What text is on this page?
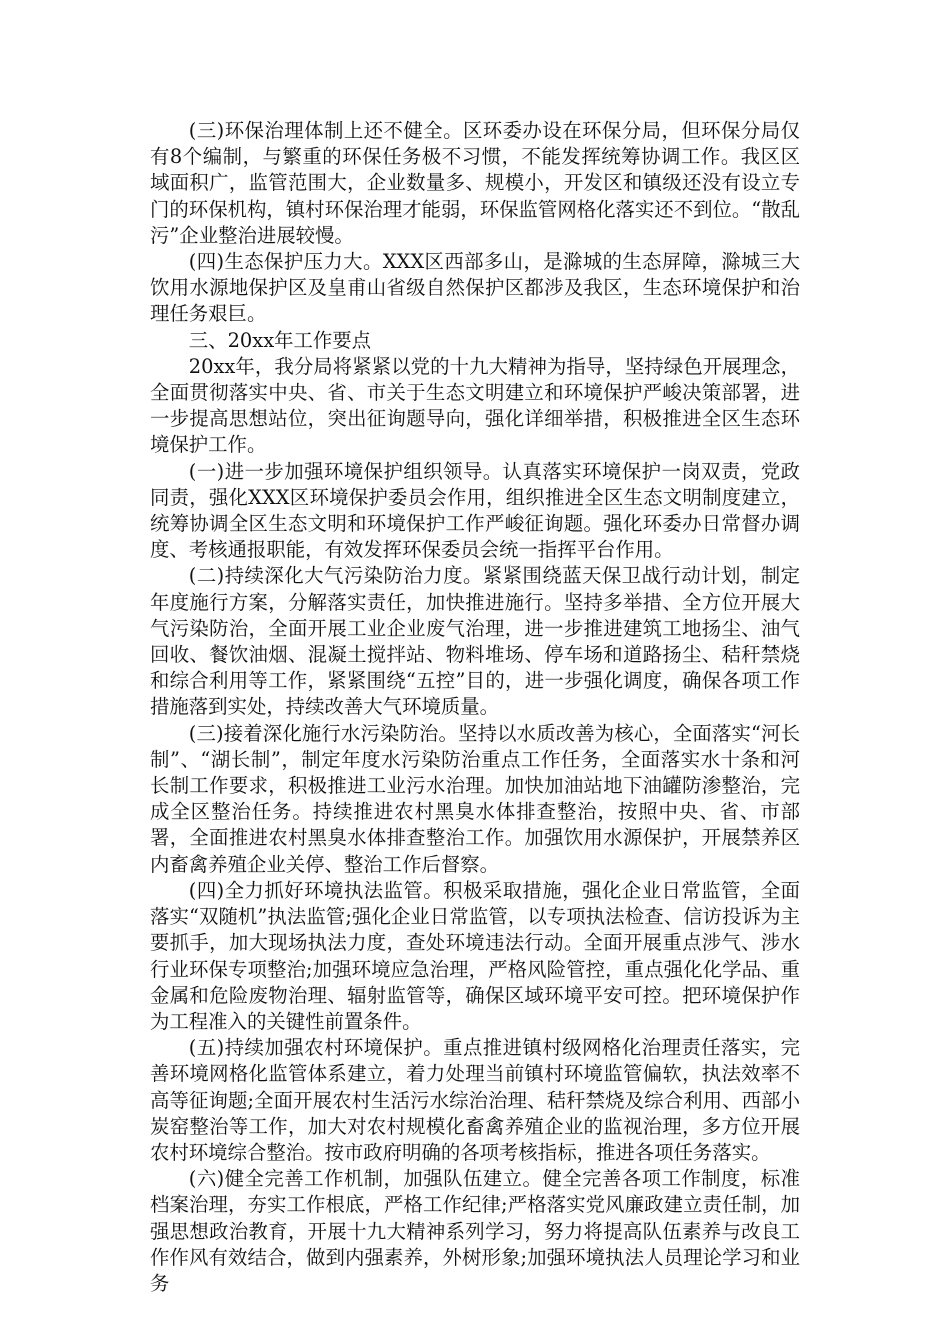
(三)环保治理体制上还不健全。区环委办设在环保分局，但环保分局仅有8个编制，与繁重的环保任务极不习惯，不能发挥统筹协调工作。我区区域面积广，监管范围大，企业数量多、规模小，开发区和镇级还没有设立专门的环保机构，镇村环保治理才能弱，环保监管网格化落实还不到位。“散乱污”企业整治进展较慢。

(四)生态保护压力大。XXX区西部多山，是滁城的生态屏障，滁城三大饮用水源地保护区及皇甫山省级自然保护区都涉及我区，生态环境保护和治理任务艰巨。

三、20xx年工作要点

20xx年，我分局将紧紧以党的十九大精神为指导，坚持绿色开展理念，全面贯彻落实中央、省、市关于生态文明建立和环境保护严峻决策部署，进一步提高思想站位，突出征询题导向，强化详细举措，积极推进全区生态环境保护工作。

(一)进一步加强环境保护组织领导。认真落实环境保护一岗双责，党政同责，强化XXX区环境保护委员会作用，组织推进全区生态文明制度建立，统筹协调全区生态文明和环境保护工作严峻征询题。强化环委办日常督办调度、考核通报职能，有效发挥环保委员会统一指挥平台作用。

(二)持续深化大气污染防治力度。紧紧围绕蓝天保卫战行动计划，制定年度施行方案，分解落实责任，加快推进施行。坚持多举措、全方位开展大气污染防治，全面开展工业企业废气治理，进一步推进建筑工地扬尘、油气回收、餐饮油烟、混凝土搅拌站、物料堆场、停车场和道路扬尘、秸秆禁烧和综合利用等工作，紧紧围绕“五控”目的，进一步强化调度，确保各项工作措施落到实处，持续改善大气环境质量。

(三)接着深化施行水污染防治。坚持以水质改善为核心，全面落实“河长制”、“湖长制”，制定年度水污染防治重点工作任务，全面落实水十条和河长制工作要求，积极推进工业污水治理。加快加油站地下油罐防渗整治，完成全区整治任务。持续推进农村黑臭水体排查整治，按照中央、省、市部署，全面推进农村黑臭水体排查整治工作。加强饮用水源保护，开展禁养区内畜禽养殖企业关停、整治工作后督察。

(四)全力抓好环境执法监管。积极采取措施，强化企业日常监管，全面落实“双随机”执法监管;强化企业日常监管，以专项执法检查、信访投诉为主要抓手，加大现场执法力度，查处环境违法行动。全面开展重点涉气、涉水行业环保专项整治;加强环境应急治理，严格风险管控，重点强化化学品、重金属和危险废物治理、辐射监管等，确保区域环境平安可控。把环境保护作为工程准入的关键性前置条件。

(五)持续加强农村环境保护。重点推进镇村级网格化治理责任落实，完善环境网格化监管体系建立，着力处理当前镇村环境监管偏软，执法效率不高等征询题;全面开展农村生活污水综治治理、秸秆禁烧及综合利用、西部小炭窑整治等工作，加大对农村规模化畜禽养殖企业的监视治理，多方位开展农村环境综合整治。按市政府明确的各项考核指标，推进各项任务落实。

(六)健全完善工作机制，加强队伍建立。健全完善各项工作制度，标准档案治理，夯实工作根底，严格工作纪律;严格落实党风廉政建立责任制，加强思想政治教育，开展十九大精神系列学习，努力将提高队伍素养与改良工作作风有效结合，做到内强素养，外树形象;加强环境执法人员理论学习和业务
